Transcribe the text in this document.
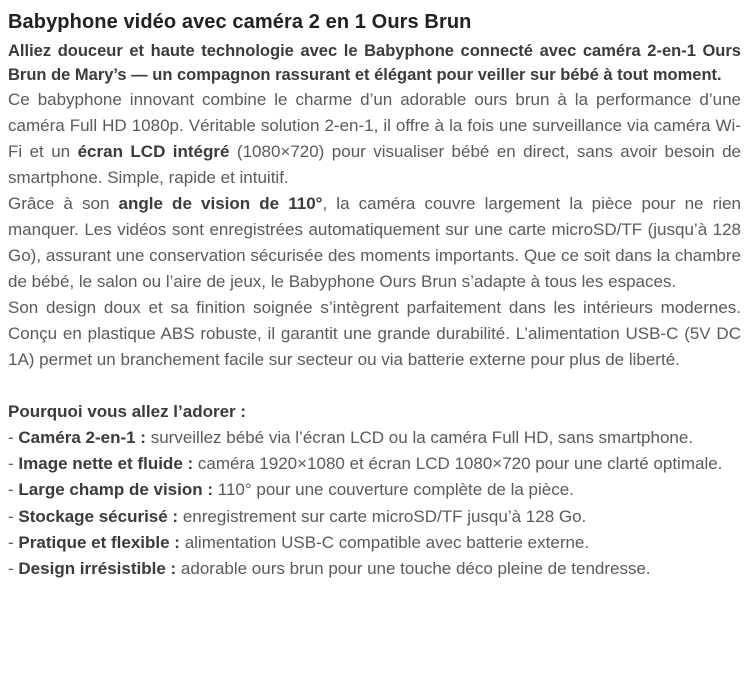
Babyphone vidéo avec caméra 2 en 1 Ours Brun

Alliez douceur et haute technologie avec le Babyphone connecté avec caméra 2-en-1 Ours Brun de Mary’s — un compagnon rassurant et élégant pour veiller sur bébé à tout moment.

Ce babyphone innovant combine le charme d’un adorable ours brun à la performance d’une caméra Full HD 1080p. Véritable solution 2-en-1, il offre à la fois une surveillance via caméra Wi-Fi et un écran LCD intégré (1080×720) pour visualiser bébé en direct, sans avoir besoin de smartphone. Simple, rapide et intuitif.

Grâce à son angle de vision de 110°, la caméra couvre largement la pièce pour ne rien manquer. Les vidéos sont enregistrées automatiquement sur une carte microSD/TF (jusqu’à 128 Go), assurant une conservation sécurisée des moments importants. Que ce soit dans la chambre de bébé, le salon ou l’aire de jeux, le Babyphone Ours Brun s’adapte à tous les espaces.

Son design doux et sa finition soignée s’intègrent parfaitement dans les intérieurs modernes. Conçu en plastique ABS robuste, il garantit une grande durabilité. L’alimentation USB-C (5V DC 1A) permet un branchement facile sur secteur ou via batterie externe pour plus de liberté.

Pourquoi vous allez l’adorer :

- Caméra 2-en-1 : surveillez bébé via l’écran LCD ou la caméra Full HD, sans smartphone.
- Image nette et fluide : caméra 1920×1080 et écran LCD 1080×720 pour une clarté optimale.
- Large champ de vision : 110° pour une couverture complète de la pièce.
- Stockage sécurisé : enregistrement sur carte microSD/TF jusqu’à 128 Go.
- Pratique et flexible : alimentation USB-C compatible avec batterie externe.
- Design irrésistible : adorable ours brun pour une touche déco pleine de tendresse.
